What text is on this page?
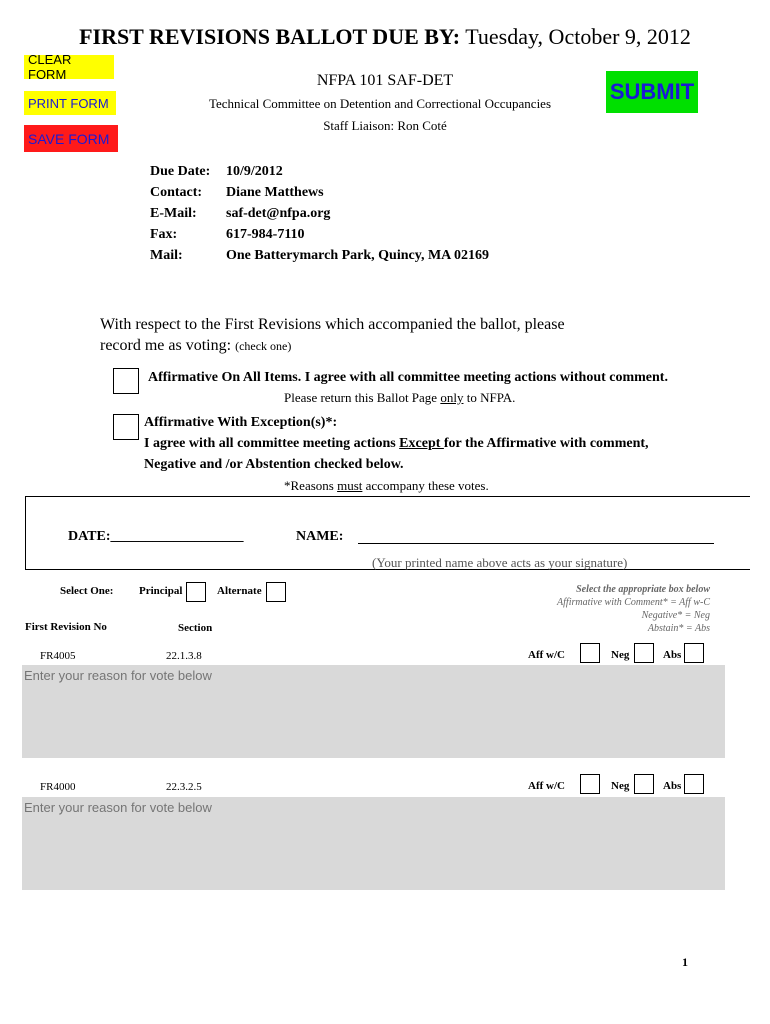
FIRST REVISIONS BALLOT DUE BY: Tuesday, October 9, 2012
CLEAR FORM
PRINT FORM
SAVE FORM
SUBMIT
NFPA 101 SAF-DET
Technical Committee on Detention and Correctional Occupancies
Staff Liaison: Ron Coté
Due Date: 10/9/2012
Contact: Diane Matthews
E-Mail: saf-det@nfpa.org
Fax:	617-984-7110
Mail:	One Batterymarch Park, Quincy, MA 02169
With respect to the First Revisions which accompanied the ballot, please
record me as voting: (check one)
Affirmative On All Items. I agree with all committee meeting actions without comment.
Please return this Ballot Page only to NFPA.
Affirmative With Exception(s)*:
I agree with all committee meeting actions Except for the Affirmative with comment,
Negative and /or Abstention checked below.
*Reasons must accompany these votes.
DATE:___________________	NAME:
(Your printed name above acts as your signature)
Select One: Principal	Alternate	Select the appropriate box below
Affirmative with Comment* = Aff w-C
Negative* = Neg
Abstain* = Abs
First Revision No	Section
FR4005	22.1.3.8	Aff w/C	Neg	Abs
Enter your reason for vote below
FR4000	22.3.2.5	Aff w/C	Neg	Abs
Enter your reason for vote below
1
